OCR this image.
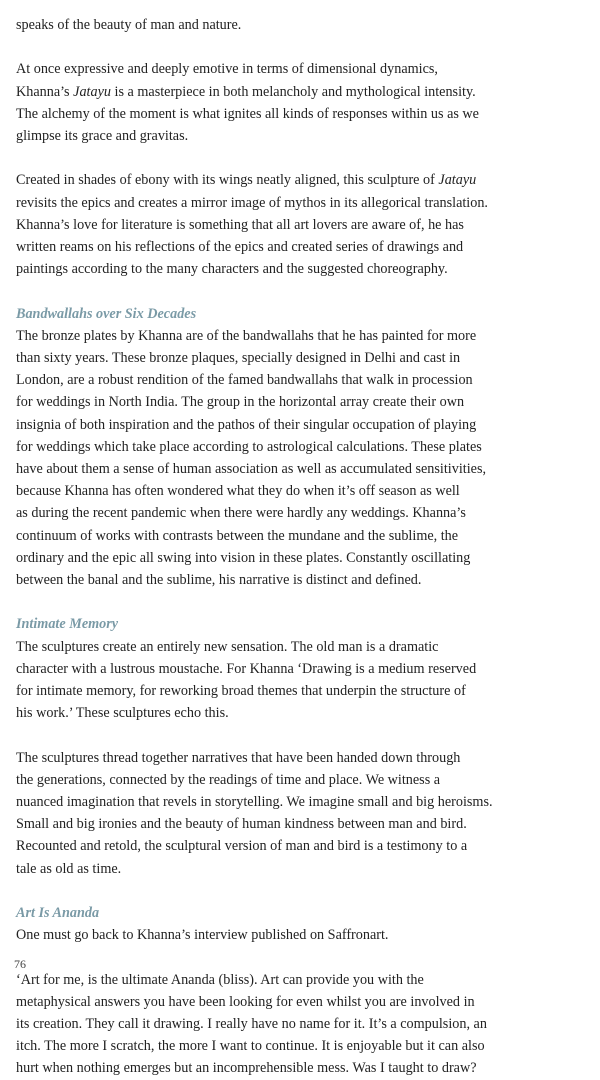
speaks of the beauty of man and nature.

At once expressive and deeply emotive in terms of dimensional dynamics,
Khanna’s Jatayu is a masterpiece in both melancholy and mythological intensity.
The alchemy of the moment is what ignites all kinds of responses within us as we
glimpse its grace and gravitas.

Created in shades of ebony with its wings neatly aligned, this sculpture of Jatayu
revisits the epics and creates a mirror image of mythos in its allegorical translation.
Khanna’s love for literature is something that all art lovers are aware of, he has
written reams on his reflections of the epics and created series of drawings and
paintings according to the many characters and the suggested choreography.

Bandwallahs over Six Decades

The bronze plates by Khanna are of the bandwallahs that he has painted for more
than sixty years. These bronze plaques, specially designed in Delhi and cast in
London, are a robust rendition of the famed bandwallahs that walk in procession
for weddings in North India. The group in the horizontal array create their own
insignia of both inspiration and the pathos of their singular occupation of playing
for weddings which take place according to astrological calculations. These plates
have about them a sense of human association as well as accumulated sensitivities,
because Khanna has often wondered what they do when it’s off season as well
as during the recent pandemic when there were hardly any weddings. Khanna’s
continuum of works with contrasts between the mundane and the sublime, the
ordinary and the epic all swing into vision in these plates. Constantly oscillating
between the banal and the sublime, his narrative is distinct and defined.

Intimate Memory

The sculptures create an entirely new sensation. The old man is a dramatic
character with a lustrous moustache. For Khanna ‘Drawing is a medium reserved
for intimate memory, for reworking broad themes that underpin the structure of
his work.’ These sculptures echo this.

The sculptures thread together narratives that have been handed down through
the generations, connected by the readings of time and place. We witness a
nuanced imagination that revels in storytelling. We imagine small and big heroisms.
Small and big ironies and the beauty of human kindness between man and bird.
Recounted and retold, the sculptural version of man and bird is a testimony to a
tale as old as time.

Art Is Ananda

One must go back to Khanna’s interview published on Saffronart.

‘Art for me, is the ultimate Ananda (bliss). Art can provide you with the
metaphysical answers you have been looking for even whilst you are involved in
its creation. They call it drawing. I really have no name for it. It’s a compulsion, an
itch. The more I scratch, the more I want to continue. It is enjoyable but it can also
hurt when nothing emerges but an incomprehensible mess. Was I taught to draw?

76
